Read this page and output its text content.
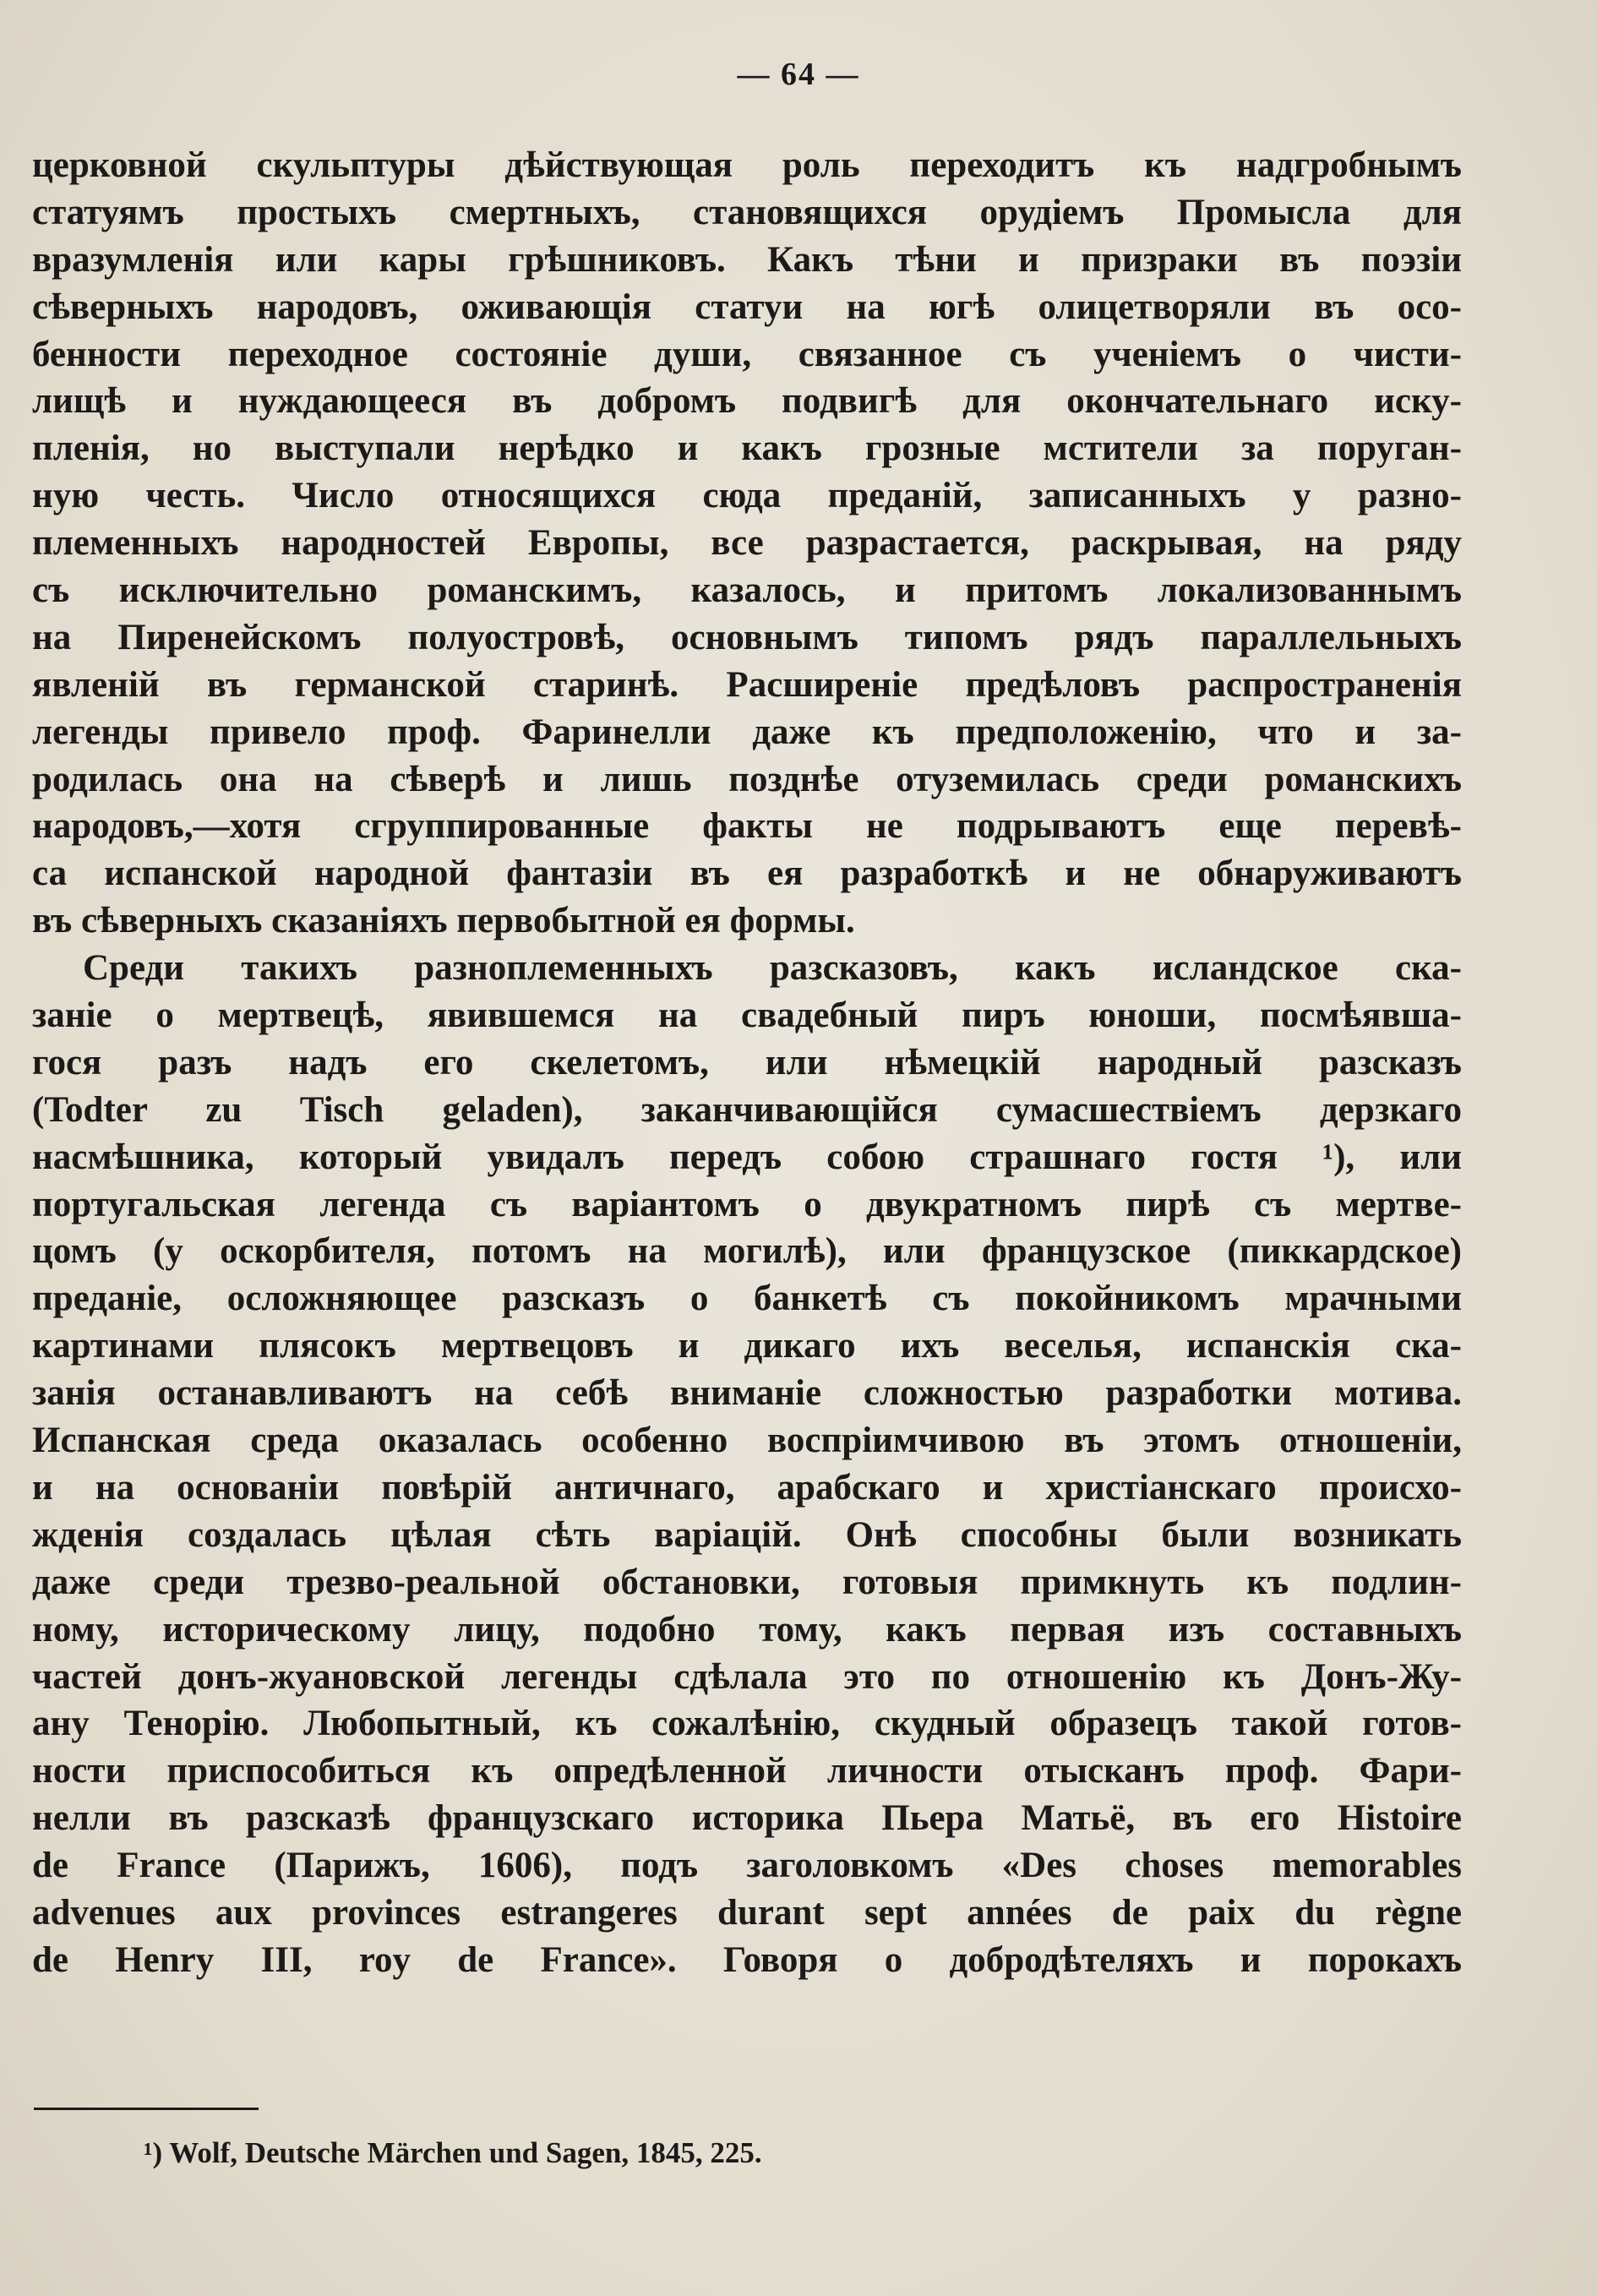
— 64 —
церковной скульптуры дѣйствующая роль переходитъ къ надгробнымъ
статуямъ простыхъ смертныхъ, становящихся орудіемъ Промысла для
вразумленія или кары грѣшниковъ. Какъ тѣни и призраки въ поэзіи
сѣверныхъ народовъ, оживающія статуи на югѣ олицетворяли въ осо-
бенности переходное состояніе души, связанное съ ученіемъ о чисти-
лищѣ и нуждающееся въ добромъ подвигѣ для окончательнаго иску-
пленія, но выступали нерѣдко и какъ грозные мстители за поруган-
ную честь. Число относящихся сюда преданій, записанныхъ у разно-
племенныхъ народностей Европы, все разрастается, раскрывая, на ряду
съ исключительно романскимъ, казалось, и притомъ локализованнымъ
на Пиренейскомъ полуостровѣ, основнымъ типомъ рядъ параллельныхъ
явленій въ германской старинѣ. Расширеніе предѣловъ распространенія
легенды привело проф. Фаринелли даже къ предположенію, что и за-
родилась она на сѣверѣ и лишь позднѣе отуземилась среди романскихъ
народовъ,—хотя сгруппированные факты не подрываютъ еще перевѣ-
са испанской народной фантазіи въ ея разработкѣ и не обнаруживаютъ
въ сѣверныхъ сказаніяхъ первобытной ея формы.
Среди такихъ разноплеменныхъ разсказовъ, какъ исландское ска-
заніе о мертвецѣ, явившемся на свадебный пиръ юноши, посмѣявша-
гося разъ надъ его скелетомъ, или нѣмецкій народный разсказъ
(Todter zu Tisch geladen), заканчивающійся сумасшествіемъ дерзкаго
насмѣшника, который увидалъ передъ собою страшнаго гостя ¹), или
португальская легенда съ варіантомъ о двукратномъ пирѣ съ мертве-
цомъ (у оскорбителя, потомъ на могилѣ), или французское (пиккардское)
преданіе, осложняющее разсказъ о банкетѣ съ покойникомъ мрачными
картинами плясокъ мертвецовъ и дикаго ихъ веселья, испанскія ска-
занія останавливаютъ на себѣ вниманіе сложностью разработки мотива.
Испанская среда оказалась особенно воспріимчивою въ этомъ отношеніи,
и на основаніи повѣрій античнаго, арабскаго и христіанскаго происхо-
жденія создалась цѣлая сѣть варіацій. Онѣ способны были возникать
даже среди трезво-реальной обстановки, готовыя примкнуть къ подлин-
ному, историческому лицу, подобно тому, какъ первая изъ составныхъ
частей донъ-жуановской легенды сдѣлала это по отношенію къ Донъ-Жу-
ану Тенорію. Любопытный, къ сожалѣнію, скудный образецъ такой готов-
ности приспособиться къ опредѣленной личности отысканъ проф. Фари-
нелли въ разсказѣ французскаго историка Пьера Матьё, въ его Histoire
de France (Парижъ, 1606), подъ заголовкомъ «Des choses memorables
advenues aux provinces estrangeres durant sept années de paix du règne
de Henry III, roy de France». Говоря о добродѣтеляхъ и порокахъ
¹) Wolf, Deutsche Märchen und Sagen, 1845, 225.
